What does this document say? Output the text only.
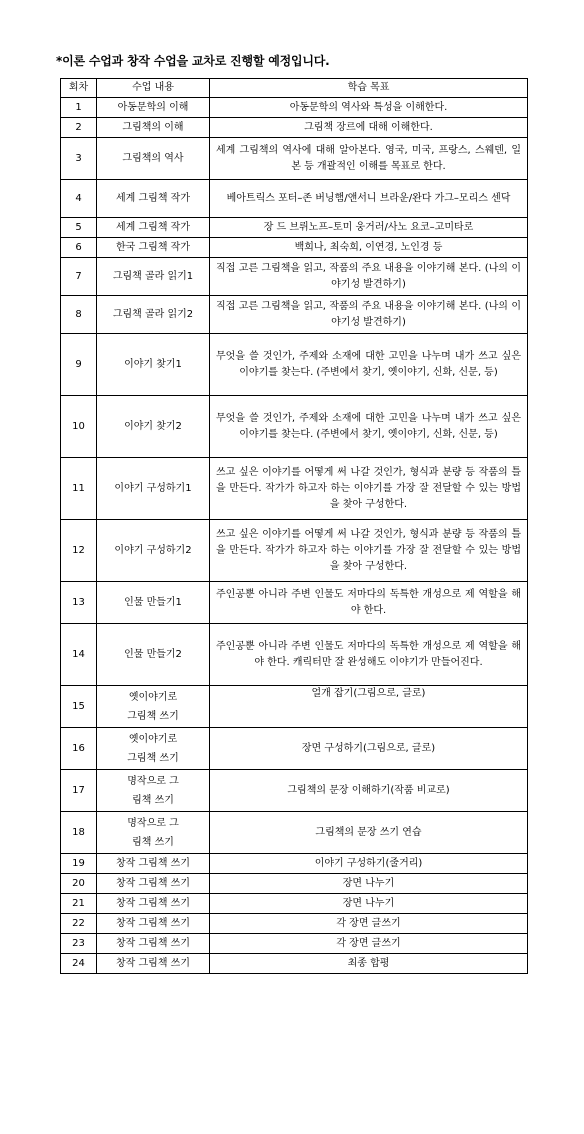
*이론 수업과 창작 수업을 교차로 진행할 예정입니다.
회차	수업 내용	학습 목표
1	아동문학의 이해	아동문학의 역사와 특성을 이해한다.
2	그림책의 이해	그림책 장르에 대해 이해한다.
3	그림책의 역사	세계 그림책의 역사에 대해 알아본다. 영국, 미국, 프랑스, 스웨덴, 일본 등 개괄적인 이해를 목표로 한다.
4	세계 그림책 작가	베아트릭스 포터–존 버닝햄/앤서니 브라운/완다 가그–모리스 센닥
5	세계 그림책 작가	장 드 브뤼노프–토미 웅거러/사노 요코–고미타로
6	한국 그림책 작가	백희나, 최숙희, 이연경, 노인경 등
7	그림책 골라 읽기1	직접 고른 그림책을 읽고, 작품의 주요 내용을 이야기해 본다. (나의 이야기성 발견하기)
8	그림책 골라 읽기2	직접 고른 그림책을 읽고, 작품의 주요 내용을 이야기해 본다. (나의 이야기성 발견하기)
9	이야기 찾기1	무엇을 쓸 것인가, 주제와 소재에 대한 고민을 나누며 내가 쓰고 싶은 이야기를 찾는다. (주변에서 찾기, 옛이야기, 신화, 신문, 등)
10	이야기 찾기2	무엇을 쓸 것인가, 주제와 소재에 대한 고민을 나누며 내가 쓰고 싶은 이야기를 찾는다. (주변에서 찾기, 옛이야기, 신화, 신문, 등)
11	이야기 구성하기1	쓰고 싶은 이야기를 어떻게 써 나갈 것인가, 형식과 분량 등 작품의 틀을 만든다. 작가가 하고자 하는 이야기를 가장 잘 전달할 수 있는 방법을 찾아 구성한다.
12	이야기 구성하기2	쓰고 싶은 이야기를 어떻게 써 나갈 것인가, 형식과 분량 등 작품의 틀을 만든다. 작가가 하고자 하는 이야기를 가장 잘 전달할 수 있는 방법을 찾아 구성한다.
13	인물 만들기1	주인공뿐 아니라 주변 인물도 저마다의 독특한 개성으로 제 역할을 해야 한다.
14	인물 만들기2	주인공뿐 아니라 주변 인물도 저마다의 독특한 개성으로 제 역할을 해야 한다. 캐릭터만 잘 완성해도 이야기가 만들어진다.
15	옛이야기로 그림책 쓰기	얼개 잡기(그림으로, 글로)
16	옛이야기로 그림책 쓰기	장면 구성하기(그림으로, 글로)
17	명작으로 그림책 쓰기	그림책의 문장 이해하기(작품 비교로)
18	명작으로 그림책 쓰기	그림책의 문장 쓰기 연습
19	창작 그림책 쓰기	이야기 구성하기(줄거리)
20	창작 그림책 쓰기	장면 나누기
21	창작 그림책 쓰기	장면 나누기
22	창작 그림책 쓰기	각 장면 글쓰기
23	창작 그림책 쓰기	각 장면 글쓰기
24	창작 그림책 쓰기	최종 합평
